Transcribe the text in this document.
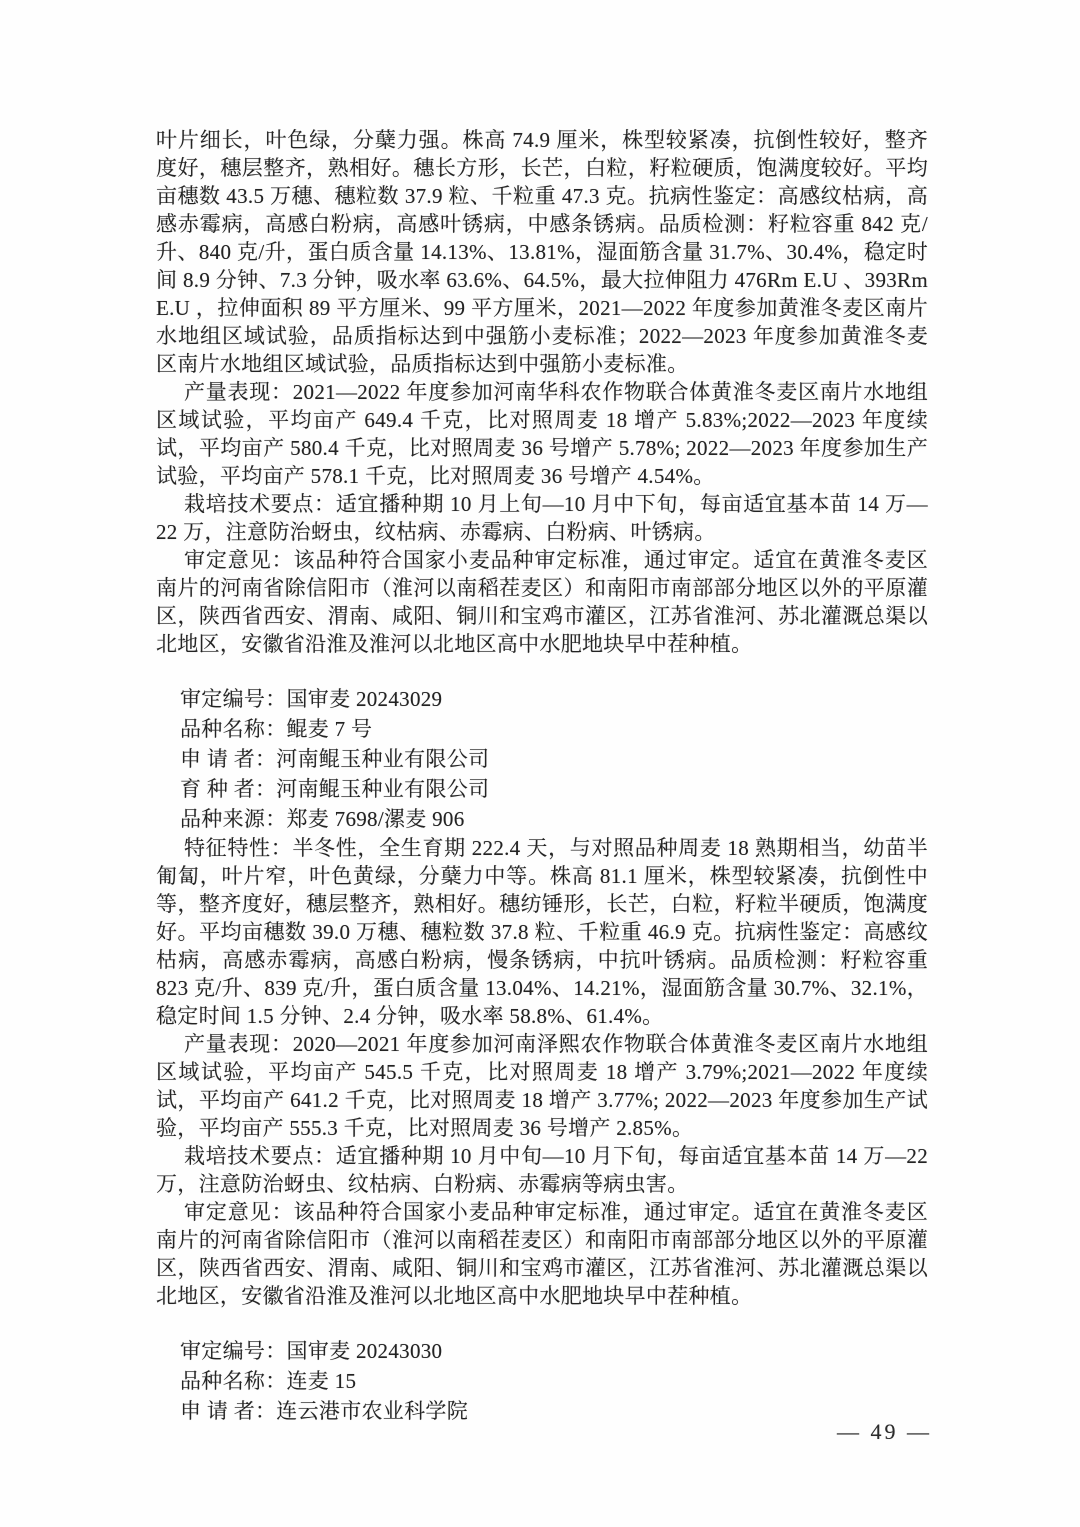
叶片细长，叶色绿，分蘖力强。株高 74.9 厘米，株型较紧凑，抗倒性较好，整齐度好，穗层整齐，熟相好。穗长方形，长芒，白粒，籽粒硬质，饱满度较好。平均亩穗数 43.5 万穗、穗粒数 37.9 粒、千粒重 47.3 克。抗病性鉴定：高感纹枯病，高感赤霉病，高感白粉病，高感叶锈病，中感条锈病。品质检测：籽粒容重 842 克/升、840 克/升，蛋白质含量 14.13%、13.81%，湿面筋含量 31.7%、30.4%，稳定时间 8.9 分钟、7.3 分钟，吸水率 63.6%、64.5%，最大拉伸阻力 476Rm E.U 、393Rm E.U ，拉伸面积 89 平方厘米、99 平方厘米，2021—2022 年度参加黄淮冬麦区南片水地组区域试验，品质指标达到中强筋小麦标准；2022—2023 年度参加黄淮冬麦区南片水地组区域试验，品质指标达到中强筋小麦标准。

产量表现：2021—2022 年度参加河南华科农作物联合体黄淮冬麦区南片水地组区域试验，平均亩产 649.4 千克，比对照周麦 18 增产 5.83%;2022—2023 年度续试，平均亩产 580.4 千克，比对照周麦 36 号增产 5.78%; 2022—2023 年度参加生产试验，平均亩产 578.1 千克，比对照周麦 36 号增产 4.54%。

栽培技术要点：适宜播种期 10 月上旬—10 月中下旬，每亩适宜基本苗 14 万—22 万，注意防治蚜虫，纹枯病、赤霉病、白粉病、叶锈病。

审定意见：该品种符合国家小麦品种审定标准，通过审定。适宜在黄淮冬麦区南片的河南省除信阳市（淮河以南稻茬麦区）和南阳市南部部分地区以外的平原灌区，陕西省西安、渭南、咸阳、铜川和宝鸡市灌区，江苏省淮河、苏北灌溉总渠以北地区，安徽省沿淮及淮河以北地区高中水肥地块早中茬种植。

审定编号：国审麦 20243029

品种名称：鲲麦 7 号

申 请 者：河南鲲玉种业有限公司

育 种 者：河南鲲玉种业有限公司

品种来源：郑麦 7698/漯麦 906

特征特性：半冬性，全生育期 222.4 天，与对照品种周麦 18 熟期相当，幼苗半匍匐，叶片窄，叶色黄绿，分蘖力中等。株高 81.1 厘米，株型较紧凑，抗倒性中等，整齐度好，穗层整齐，熟相好。穗纺锤形，长芒，白粒，籽粒半硬质，饱满度好。平均亩穗数 39.0 万穗、穗粒数 37.8 粒、千粒重 46.9 克。抗病性鉴定：高感纹枯病，高感赤霉病，高感白粉病，慢条锈病，中抗叶锈病。品质检测：籽粒容重 823 克/升、839 克/升，蛋白质含量 13.04%、14.21%，湿面筋含量 30.7%、32.1%，稳定时间 1.5 分钟、2.4 分钟，吸水率 58.8%、61.4%。

产量表现：2020—2021 年度参加河南泽熙农作物联合体黄淮冬麦区南片水地组区域试验，平均亩产 545.5 千克，比对照周麦 18 增产 3.79%;2021—2022 年度续试，平均亩产 641.2 千克，比对照周麦 18 增产 3.77%; 2022—2023 年度参加生产试验，平均亩产 555.3 千克，比对照周麦 36 号增产 2.85%。

栽培技术要点：适宜播种期 10 月中旬—10 月下旬，每亩适宜基本苗 14 万—22 万，注意防治蚜虫、纹枯病、白粉病、赤霉病等病虫害。

审定意见：该品种符合国家小麦品种审定标准，通过审定。适宜在黄淮冬麦区南片的河南省除信阳市（淮河以南稻茬麦区）和南阳市南部部分地区以外的平原灌区，陕西省西安、渭南、咸阳、铜川和宝鸡市灌区，江苏省淮河、苏北灌溉总渠以北地区，安徽省沿淮及淮河以北地区高中水肥地块早中茬种植。

审定编号：国审麦 20243030

品种名称：连麦 15

申 请 者：连云港市农业科学院

— 49 —
